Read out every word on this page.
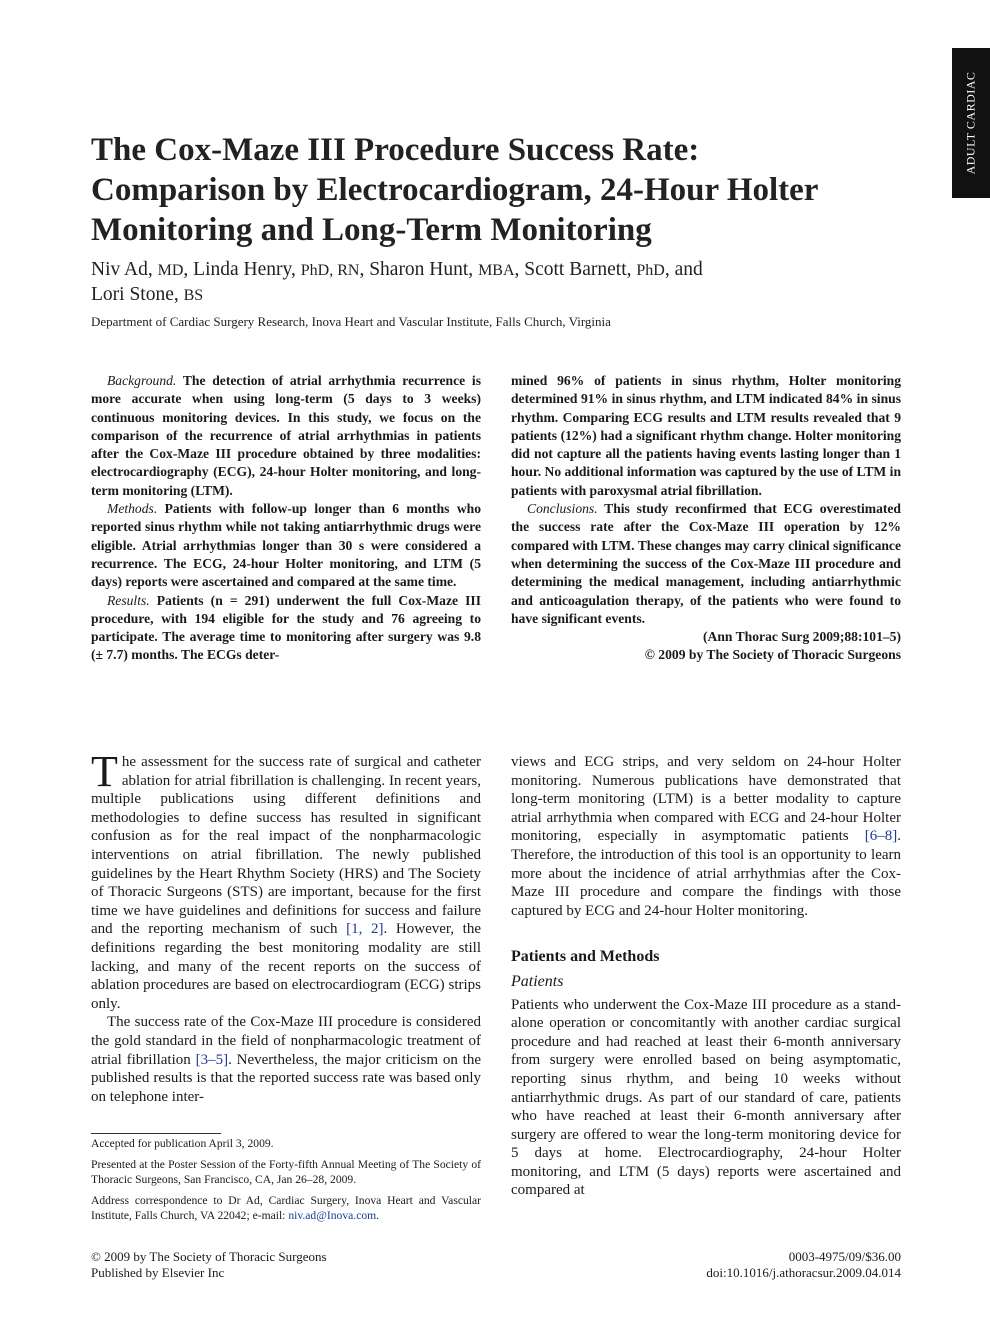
ADULT CARDIAC
The Cox-Maze III Procedure Success Rate:
Comparison by Electrocardiogram, 24-Hour Holter
Monitoring and Long-Term Monitoring
Niv Ad, MD, Linda Henry, PhD, RN, Sharon Hunt, MBA, Scott Barnett, PhD, and
Lori Stone, BS
Department of Cardiac Surgery Research, Inova Heart and Vascular Institute, Falls Church, Virginia

Background. The detection of atrial arrhythmia recurrence is more accurate when using long-term (5 days to 3 weeks) continuous monitoring devices. In this study, we focus on the comparison of the recurrence of atrial arrhythmias in patients after the Cox-Maze III procedure obtained by three modalities: electrocardiography (ECG), 24-hour Holter monitoring, and long-term monitoring (LTM).

Methods. Patients with follow-up longer than 6 months who reported sinus rhythm while not taking antiarrhythmic drugs were eligible. Atrial arrhythmias longer than 30 s were considered a recurrence. The ECG, 24-hour Holter monitoring, and LTM (5 days) reports were ascertained and compared at the same time.

Results. Patients (n = 291) underwent the full Cox-Maze III procedure, with 194 eligible for the study and 76 agreeing to participate. The average time to monitoring after surgery was 9.8 (± 7.7) months. The ECGs deter-

mined 96% of patients in sinus rhythm, Holter monitoring determined 91% in sinus rhythm, and LTM indicated 84% in sinus rhythm. Comparing ECG results and LTM results revealed that 9 patients (12%) had a significant rhythm change. Holter monitoring did not capture all the patients having events lasting longer than 1 hour. No additional information was captured by the use of LTM in patients with paroxysmal atrial fibrillation.

Conclusions. This study reconfirmed that ECG overestimated the success rate after the Cox-Maze III operation by 12% compared with LTM. These changes may carry clinical significance when determining the success of the Cox-Maze III procedure and determining the medical management, including antiarrhythmic and anticoagulation therapy, of the patients who were found to have significant events.

(Ann Thorac Surg 2009;88:101–5)
© 2009 by The Society of Thoracic Surgeons

The assessment for the success rate of surgical and catheter ablation for atrial fibrillation is challenging. In recent years, multiple publications using different definitions and methodologies to define success has resulted in significant confusion as for the real impact of the nonpharmacologic interventions on atrial fibrillation. The newly published guidelines by the Heart Rhythm Society (HRS) and The Society of Thoracic Surgeons (STS) are important, because for the first time we have guidelines and definitions for success and failure and the reporting mechanism of such [1, 2]. However, the definitions regarding the best monitoring modality are still lacking, and many of the recent reports on the success of ablation procedures are based on electrocardiogram (ECG) strips only.

The success rate of the Cox-Maze III procedure is considered the gold standard in the field of nonpharmacologic treatment of atrial fibrillation [3–5]. Nevertheless, the major criticism on the published results is that the reported success rate was based only on telephone inter-

views and ECG strips, and very seldom on 24-hour Holter monitoring. Numerous publications have demonstrated that long-term monitoring (LTM) is a better modality to capture atrial arrhythmia when compared with ECG and 24-hour Holter monitoring, especially in asymptomatic patients [6–8]. Therefore, the introduction of this tool is an opportunity to learn more about the incidence of atrial arrhythmias after the Cox-Maze III procedure and compare the findings with those captured by ECG and 24-hour Holter monitoring.

Patients and Methods
Patients

Patients who underwent the Cox-Maze III procedure as a stand-alone operation or concomitantly with another cardiac surgical procedure and had reached at least their 6-month anniversary from surgery were enrolled based on being asymptomatic, reporting sinus rhythm, and being 10 weeks without antiarrhythmic drugs. As part of our standard of care, patients who have reached at least their 6-month anniversary after surgery are offered to wear the long-term monitoring device for 5 days at home. Electrocardiography, 24-hour Holter monitoring, and LTM (5 days) reports were ascertained and compared at

Accepted for publication April 3, 2009.

Presented at the Poster Session of the Forty-fifth Annual Meeting of The Society of Thoracic Surgeons, San Francisco, CA, Jan 26–28, 2009.

Address correspondence to Dr Ad, Cardiac Surgery, Inova Heart and Vascular Institute, Falls Church, VA 22042; e-mail: niv.ad@Inova.com.

© 2009 by The Society of Thoracic Surgeons
Published by Elsevier Inc
0003-4975/09/$36.00
doi:10.1016/j.athoracsur.2009.04.014
